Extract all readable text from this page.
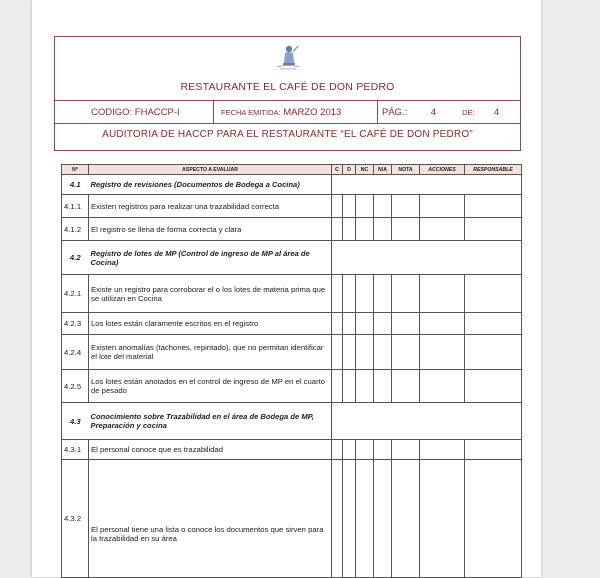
RESTAURANTE EL CAFÉ DE DON PEDRO
CODIGO: FHACCP-I	FECHA EMITIDA: MARZO 2013	PÁG.: 4	DE: 4
AUDITORIA DE HACCP PARA EL RESTAURANTE “EL CAFÉ DE DON PEDRO”
Nº	ASPECTO A EVALUAR	C	D	NC	N/A	NOTA	ACCIONES	RESPONSABLE
4.1	Registro de revisiones (Documentos de Bodega a Cocina)							
4.1.1	Existen registros para realizar una trazabilidad correcta							
4.1.2	El registro se llena de forma correcta y clara							
4.2	Registro de lotes de MP (Control de ingreso de MP al área de Cocina)							
4.2.1	Existe un registro para corroborar el o los lotes de materia prima que se utilizan en Cocina							
4.2.3	Los lotes están claramente escritos en el registro							
4.2.4	Existen anomalías (tachones, repintado), que no permitan identificar el lote del material							
4.2.5	Los lotes están anotados en el control de ingreso de MP en el cuarto de pesado							
4.3	Conocimiento sobre Trazabilidad en el área de Bodega de MP, Preparación y cocina							
4.3.1	El personal conoce que es trazabilidad							
4.3.2	El personal tiene una lista o conoce los documentos que sirven para la trazabilidad en su área							
